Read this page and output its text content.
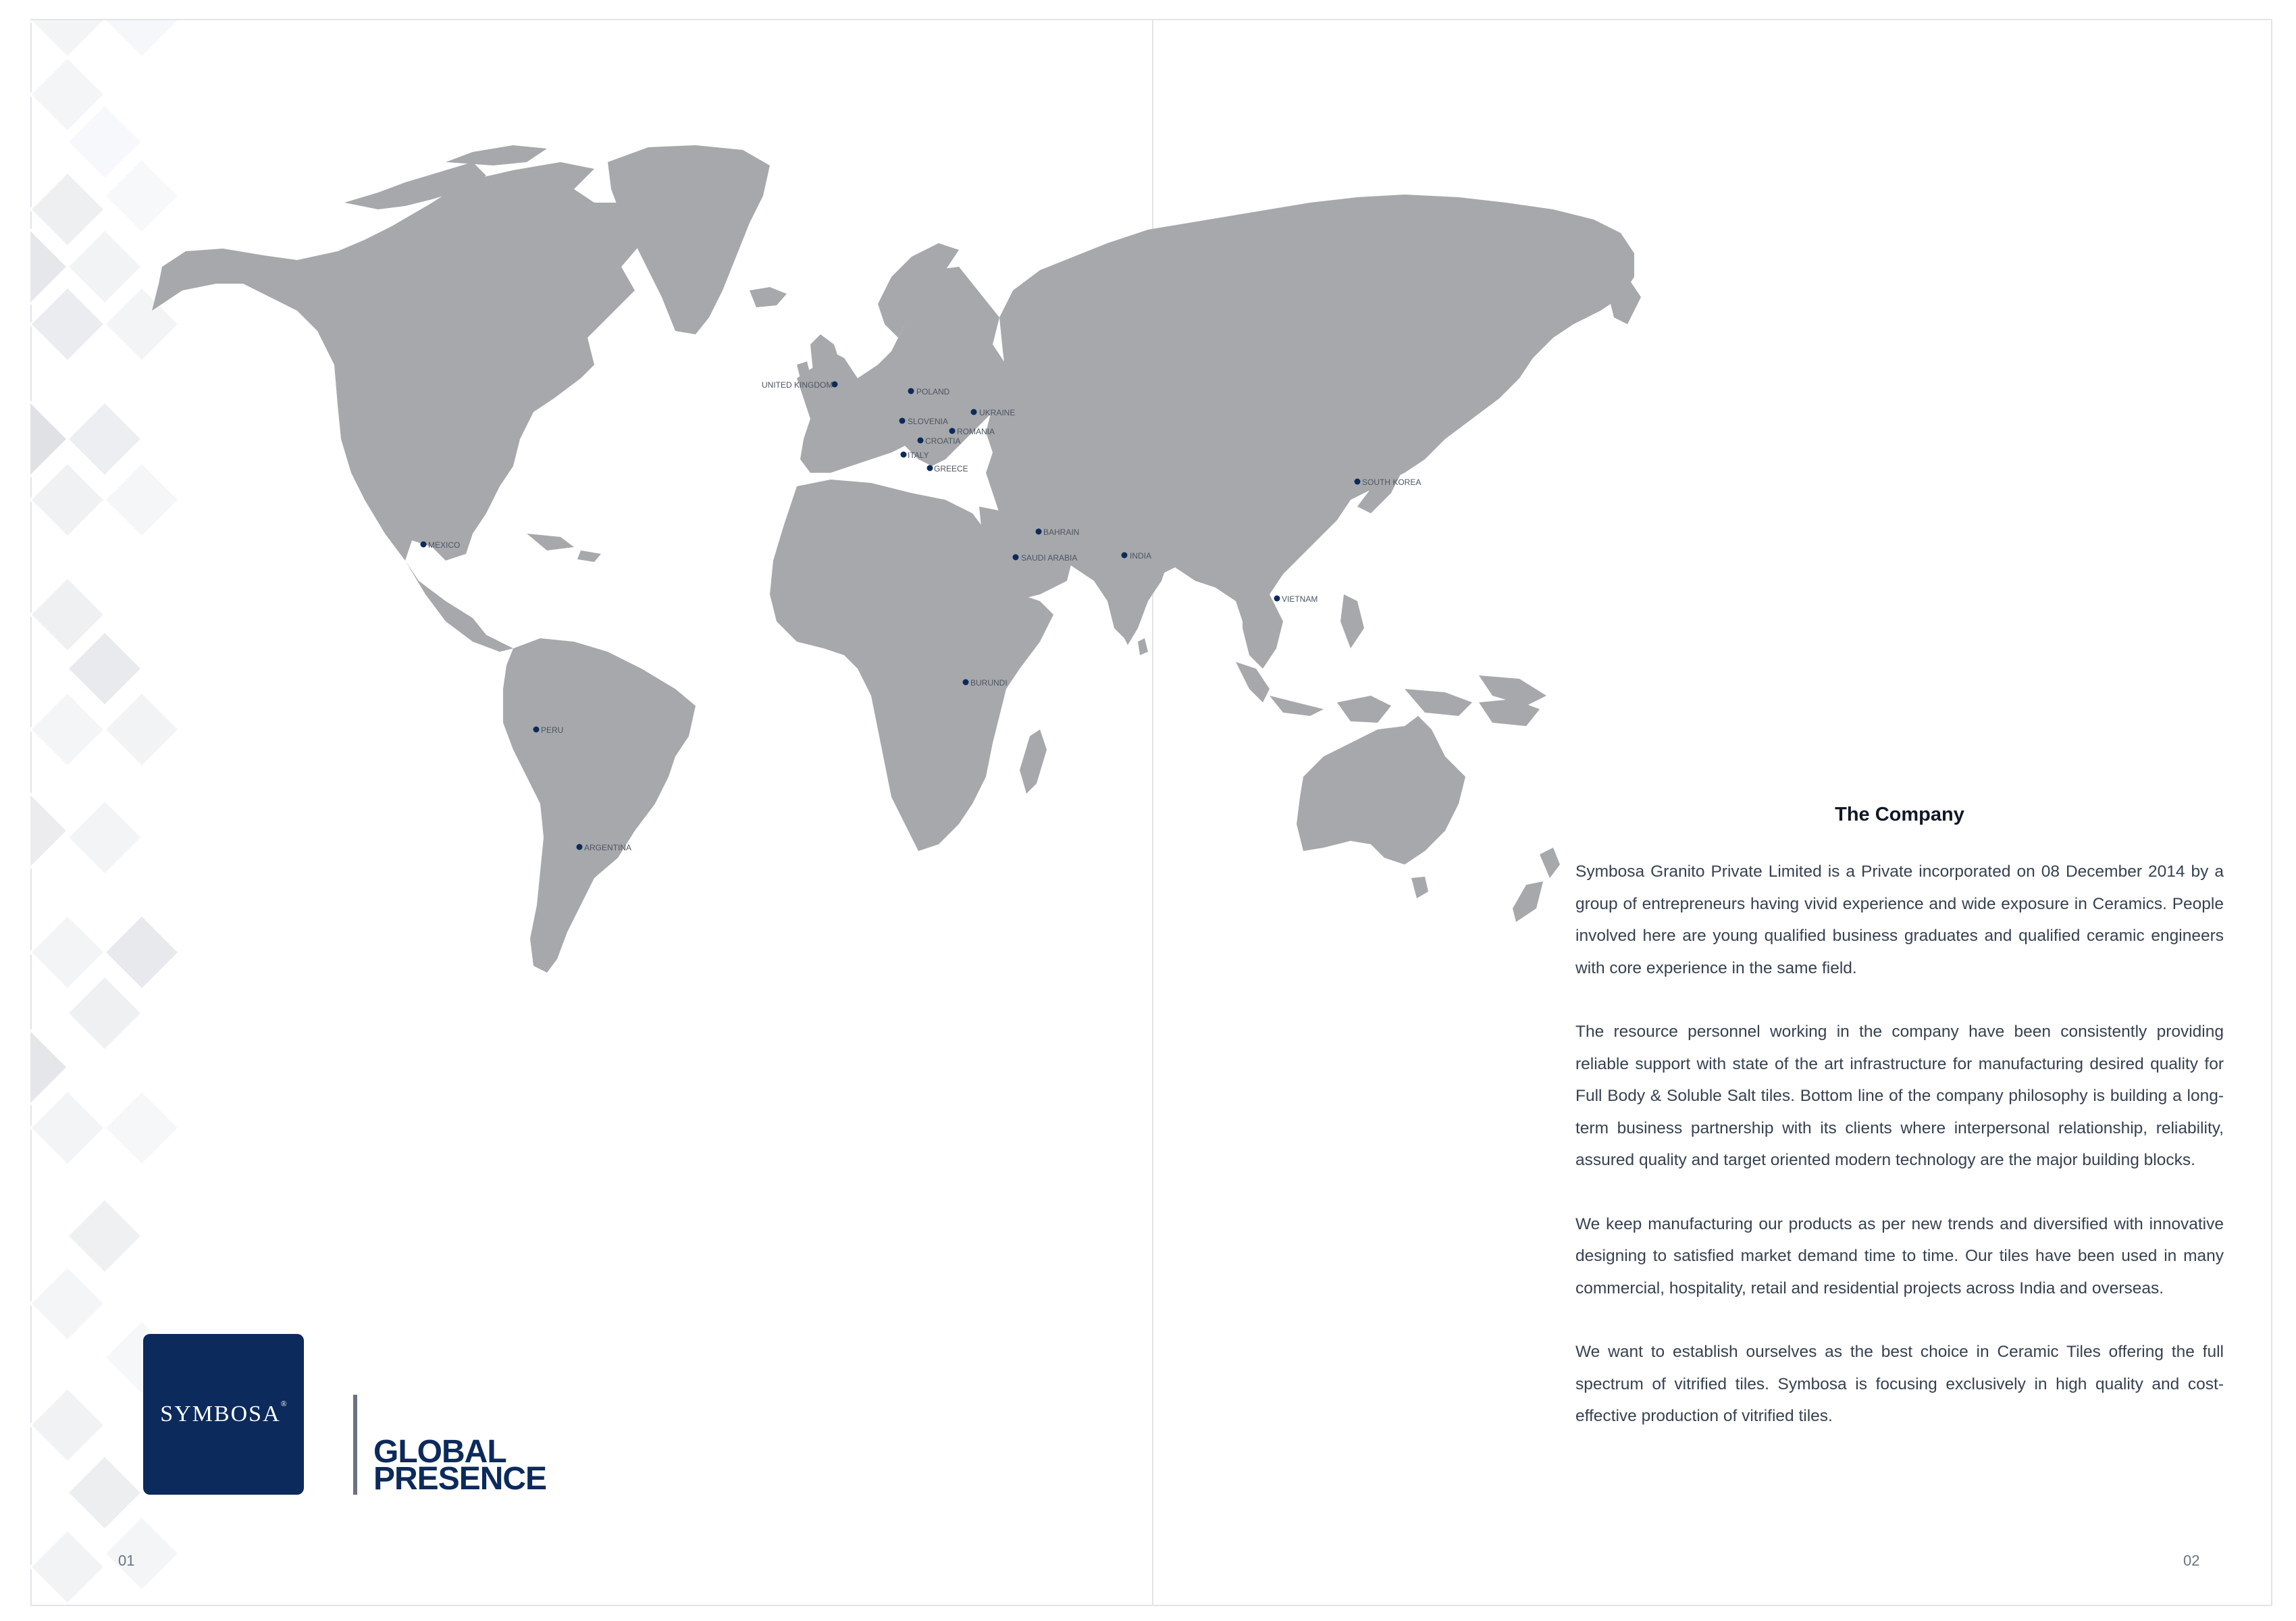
UNITED KINGDOM
POLAND
UKRAINE
SLOVENIA
ROMANIA
CROATIA
ITALY
GREECE
BAHRAIN
SAUDI ARABIA	INDIA
SOUTH KOREA
VIETNAM
MEXICO
BURUNDI
PERU
ARGENTINA
SYMBOSA®
GLOBAL
PRESENCE
01	02
The Company

Symbosa Granito Private Limited is a Private incorporated on 08 December 2014 by a group of entrepreneurs having vivid experience and wide exposure in Ceramics. People involved here are young qualified business graduates and qualified ceramic engineers with core experience in the same field.

The resource personnel working in the company have been consistently providing reliable support with state of the art infrastructure for manufacturing desired quality for Full Body & Soluble Salt tiles. Bottom line of the company philosophy is building a long-term business partnership with its clients where interpersonal relationship, reliability, assured quality and target oriented modern technology are the major building blocks.

We keep manufacturing our products as per new trends and diversified with innovative designing to satisfied market demand time to time. Our tiles have been used in many commercial, hospitality, retail and residential projects across India and overseas.

We want to establish ourselves as the best choice in Ceramic Tiles offering the full spectrum of vitrified tiles. Symbosa is focusing exclusively in high quality and cost-effective production of vitrified tiles.
